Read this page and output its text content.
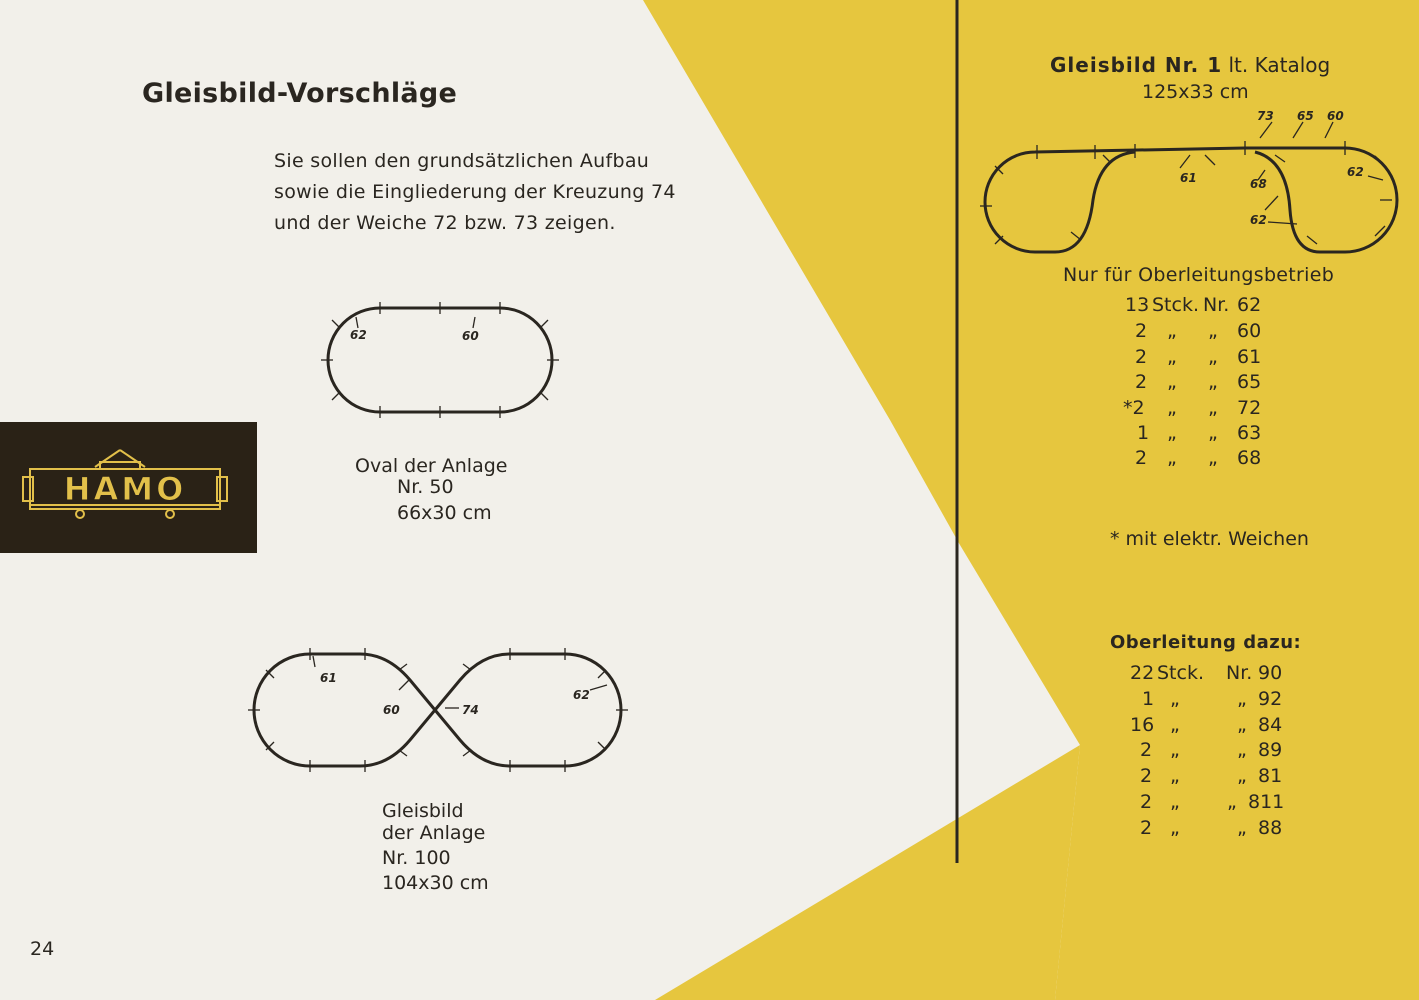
Gleisbild-Vorschläge
Sie sollen den grundsätzlichen Aufbau
sowie die Eingliederung der Kreuzung 74
und der Weiche 72 bzw. 73 zeigen.
HAMO
62	60
Oval der Anlage
Nr. 50
66x30 cm
61
60	74
62
Gleisbild
der Anlage
Nr. 100
104x30 cm
24
Gleisbild Nr. 1 lt. Katalog
125x33 cm
73 65 60
61	68
62
62
Nur für Oberleitungsbetrieb
13 Stck. Nr. 62
2 „ „ 60
2 „ „ 61
2 „ „ 65
*2 „ „ 72
1 „ „ 63
2 „ „ 68
* mit elektr. Weichen
Oberleitung dazu:
22 Stck. Nr. 90
1 „	„ 92
16 „	„ 84
2 „	„ 89
2 „	„ 81
2 „ „ 811
2 „	„ 88
